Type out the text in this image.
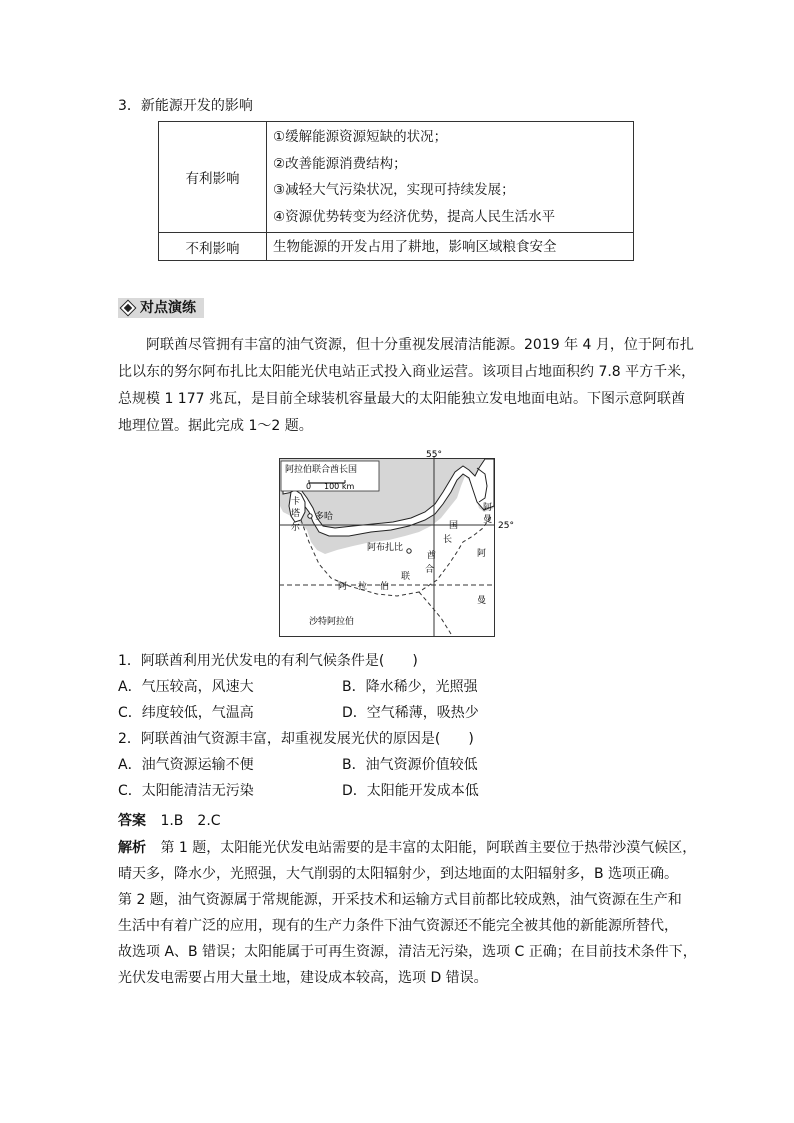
3．新能源开发的影响
有利影响	①缓解能源资源短缺的状况；
②改善能源消费结构；
③减轻大气污染状况，实现可持续发展；
④资源优势转变为经济优势，提高人民生活水平

不利影响	生物能源的开发占用了耕地，影响区域粮食安全
对点演练
阿联酋尽管拥有丰富的油气资源，但十分重视发展清洁能源。2019 年 4 月，位于阿布扎
比以东的努尔阿布扎比太阳能光伏电站正式投入商业运营。该项目占地面积约 7.8 平方千米，
总规模 1 177 兆瓦，是目前全球装机容量最大的太阳能独立发电地面电站。下图示意阿联酋
地理位置。据此完成 1～2 题。
55°
25°
阿拉伯联合酋长国
0 100 km
卡
塔
尔
多哈
阿布扎比
阿
曼
国
长
酋
合
联
阿 拉 伯
阿
曼
沙特阿拉伯
1．阿联酋利用光伏发电的有利气候条件是(　　)
A．气压较高，风速大	B．降水稀少，光照强
C．纬度较低，气温高	D．空气稀薄，吸热少
2．阿联酋油气资源丰富，却重视发展光伏的原因是(　　)
A．油气资源运输不便	B．油气资源价值较低
C．太阳能清洁无污染	D．太阳能开发成本低
答案 1.B　2.C
解析 第 1 题，太阳能光伏发电站需要的是丰富的太阳能，阿联酋主要位于热带沙漠气候区，
晴天多，降水少，光照强，大气削弱的太阳辐射少，到达地面的太阳辐射多，B 选项正确。
第 2 题，油气资源属于常规能源，开采技术和运输方式目前都比较成熟，油气资源在生产和
生活中有着广泛的应用，现有的生产力条件下油气资源还不能完全被其他的新能源所替代，
故选项 A、B 错误；太阳能属于可再生资源，清洁无污染，选项 C 正确；在目前技术条件下，
光伏发电需要占用大量土地，建设成本较高，选项 D 错误。
